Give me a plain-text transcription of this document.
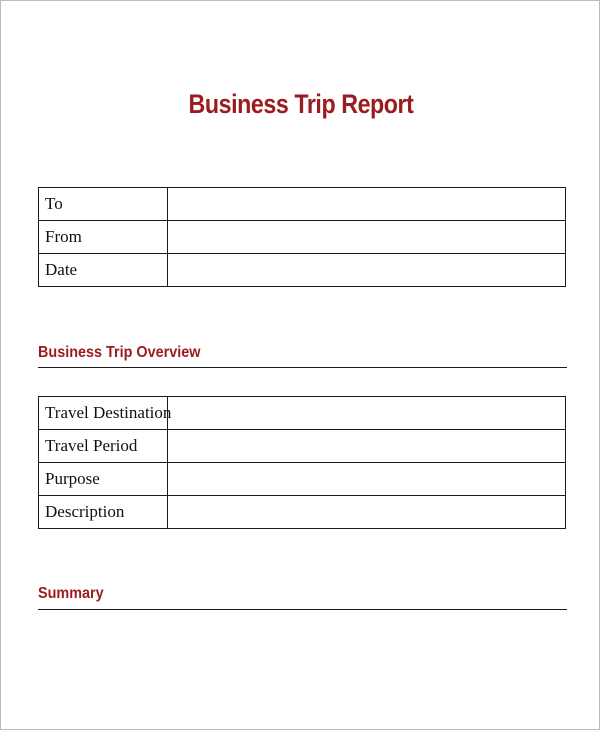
Business Trip Report
To	
From	
Date	
Business Trip Overview
Travel Destination	
Travel Period	
Purpose	
Description	
Summary
